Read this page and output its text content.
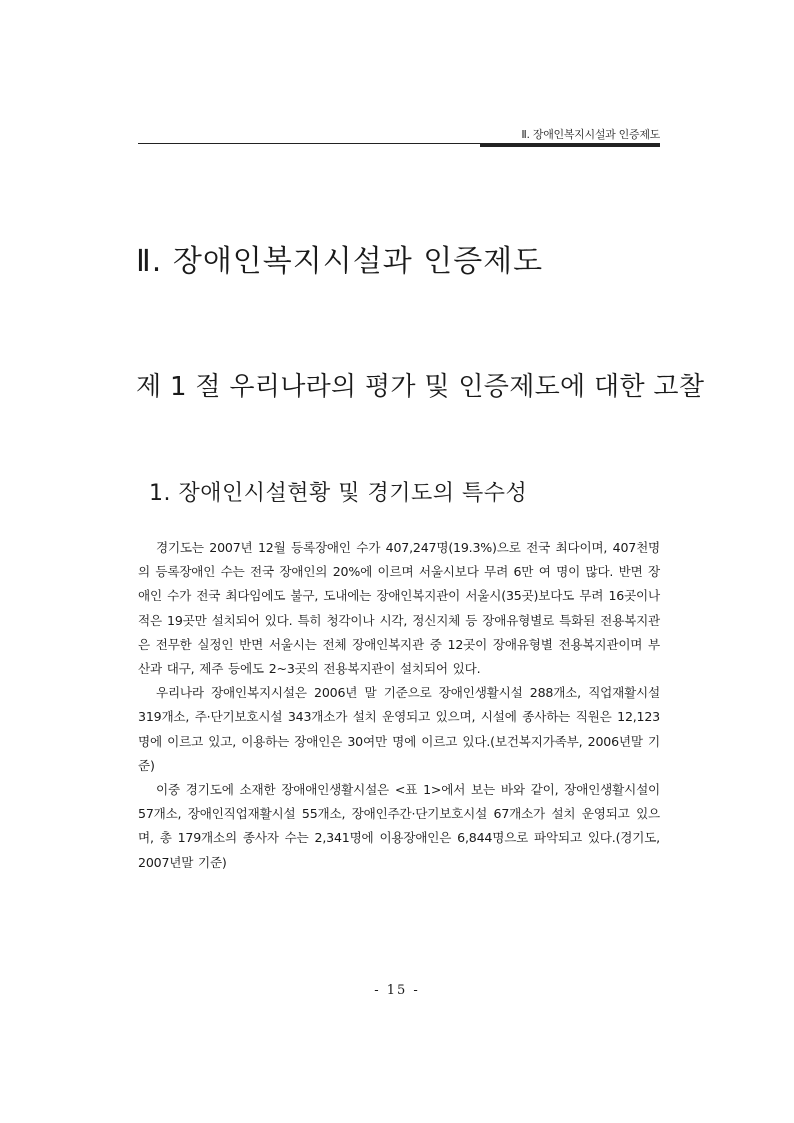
Ⅱ. 장애인복지시설과 인증제도
Ⅱ. 장애인복지시설과 인증제도
제 1 절 우리나라의 평가 및 인증제도에 대한 고찰
1. 장애인시설현황 및 경기도의 특수성

경기도는 2007년 12월 등록장애인 수가 407,247명(19.3%)으로 전국 최다이며, 407천명의 등록장애인 수는 전국 장애인의 20%에 이르며 서울시보다 무려 6만 여 명이 많다. 반면 장애인 수가 전국 최다임에도 불구, 도내에는 장애인복지관이 서울시(35곳)보다도 무려 16곳이나 적은 19곳만 설치되어 있다. 특히 청각이나 시각, 정신지체 등 장애유형별로 특화된 전용복지관은 전무한 실정인 반면 서울시는 전체 장애인복지관 중 12곳이 장애유형별 전용복지관이며 부산과 대구, 제주 등에도 2~3곳의 전용복지관이 설치되어 있다.

우리나라 장애인복지시설은 2006년 말 기준으로 장애인생활시설 288개소, 직업재활시설 319개소, 주·단기보호시설 343개소가 설치 운영되고 있으며, 시설에 종사하는 직원은 12,123명에 이르고 있고, 이용하는 장애인은 30여만 명에 이르고 있다.(보건복지가족부, 2006년말 기준)

이중 경기도에 소재한 장애애인생활시설은 <표 1>에서 보는 바와 같이, 장애인생활시설이 57개소, 장애인직업재활시설 55개소, 장애인주간·단기보호시설 67개소가 설치 운영되고 있으며, 총 179개소의 종사자 수는 2,341명에 이용장애인은 6,844명으로 파악되고 있다.(경기도, 2007년말 기준)

- 15 -
